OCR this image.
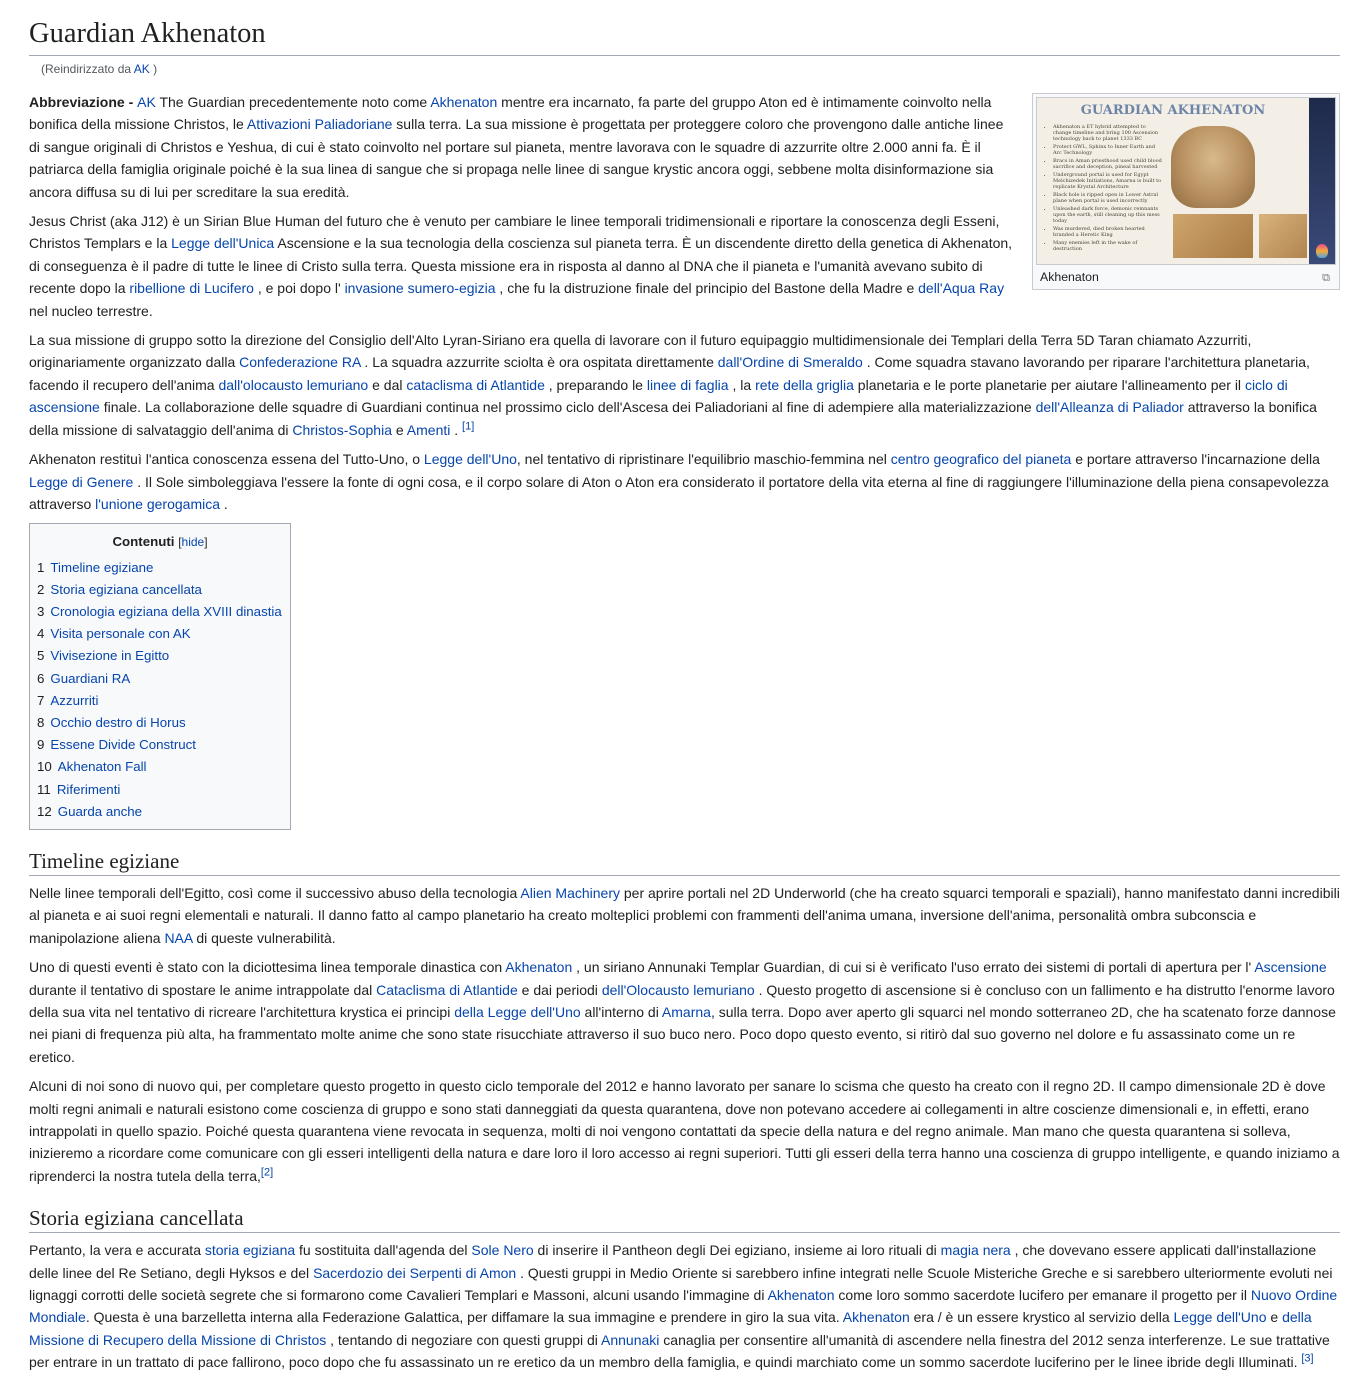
Guardian Akhenaton
(Reindirizzato da AK )
GUARDIAN AKHENATON
• Akhenaton a ET hybrid attempted to change timeline and bring 100 Ascension technology back to planet 1333 BC
• Protect GWL, Sphinx to Inner Earth and Arc Technology
• Bracs in Aman priesthood used child blood sacrifice and deception, pineal harvested
• Underground portal is used for Egypt Melchizedek Initiations, Amarna is built to replicate Krystal Architecture
• Black hole is ripped open in Lower Astral plane when portal is used incorrectly
• Unleashed dark force, demonic remnants upon the earth, still cleaning up this mess today
• Was murdered, died broken hearted branded a Heretic King
• Many enemies left in the wake of destruction
Akhenaton	⧉

Abbreviazione - AK The Guardian precedentemente noto come Akhenaton mentre era incarnato, fa parte del gruppo Aton ed è intimamente coinvolto nella bonifica della missione Christos, le Attivazioni Paliadoriane sulla terra. La sua missione è progettata per proteggere coloro che provengono dalle antiche linee di sangue originali di Christos e Yeshua, di cui è stato coinvolto nel portare sul pianeta, mentre lavorava con le squadre di azzurrite oltre 2.000 anni fa. È il patriarca della famiglia originale poiché è la sua linea di sangue che si propaga nelle linee di sangue krystic ancora oggi, sebbene molta disinformazione sia ancora diffusa su di lui per screditare la sua eredità.

Jesus Christ (aka J12) è un Sirian Blue Human del futuro che è venuto per cambiare le linee temporali tridimensionali e riportare la conoscenza degli Esseni, Christos Templars e la Legge dell'Unica Ascensione e la sua tecnologia della coscienza sul pianeta terra. È un discendente diretto della genetica di Akhenaton, di conseguenza è il padre di tutte le linee di Cristo sulla terra. Questa missione era in risposta al danno al DNA che il pianeta e l'umanità avevano subito di recente dopo la ribellione di Lucifero , e poi dopo l' invasione sumero-egizia , che fu la distruzione finale del principio del Bastone della Madre e dell'Aqua Ray nel nucleo terrestre.

La sua missione di gruppo sotto la direzione del Consiglio dell'Alto Lyran-Siriano era quella di lavorare con il futuro equipaggio multidimensionale dei Templari della Terra 5D Taran chiamato Azzurriti, originariamente organizzato dalla Confederazione RA . La squadra azzurrite sciolta è ora ospitata direttamente dall'Ordine di Smeraldo . Come squadra stavano lavorando per riparare l'architettura planetaria, facendo il recupero dell'anima dall'olocausto lemuriano e dal cataclisma di Atlantide , preparando le linee di faglia , la rete della griglia planetaria e le porte planetarie per aiutare l'allineamento per il ciclo di ascensione finale. La collaborazione delle squadre di Guardiani continua nel prossimo ciclo dell'Ascesa dei Paliadoriani al fine di adempiere alla materializzazione dell'Alleanza di Paliador attraverso la bonifica della missione di salvataggio dell'anima di Christos-Sophia e Amenti . [1]

Akhenaton restituì l'antica conoscenza essena del Tutto-Uno, o Legge dell'Uno, nel tentativo di ripristinare l'equilibrio maschio-femmina nel centro geografico del pianeta e portare attraverso l'incarnazione della Legge di Genere . Il Sole simboleggiava l'essere la fonte di ogni cosa, e il corpo solare di Aton o Aton era considerato il portatore della vita eterna al fine di raggiungere l'illuminazione della piena consapevolezza attraverso l'unione gerogamica .

Contenuti [hide]
1 Timeline egiziane
2 Storia egiziana cancellata
3 Cronologia egiziana della XVIII dinastia
4 Visita personale con AK
5 Vivisezione in Egitto
6 Guardiani RA
7 Azzurriti
8 Occhio destro di Horus
9 Essene Divide Construct
10 Akhenaton Fall
11 Riferimenti
12 Guarda anche
Timeline egiziane

Nelle linee temporali dell'Egitto, così come il successivo abuso della tecnologia Alien Machinery per aprire portali nel 2D Underworld (che ha creato squarci temporali e spaziali), hanno manifestato danni incredibili al pianeta e ai suoi regni elementali e naturali. Il danno fatto al campo planetario ha creato molteplici problemi con frammenti dell'anima umana, inversione dell'anima, personalità ombra subconscia e manipolazione aliena NAA di queste vulnerabilità.

Uno di questi eventi è stato con la diciottesima linea temporale dinastica con Akhenaton , un siriano Annunaki Templar Guardian, di cui si è verificato l'uso errato dei sistemi di portali di apertura per l' Ascensione durante il tentativo di spostare le anime intrappolate dal Cataclisma di Atlantide e dai periodi dell'Olocausto lemuriano . Questo progetto di ascensione si è concluso con un fallimento e ha distrutto l'enorme lavoro della sua vita nel tentativo di ricreare l'architettura krystica ei principi della Legge dell'Uno all'interno di Amarna, sulla terra. Dopo aver aperto gli squarci nel mondo sotterraneo 2D, che ha scatenato forze dannose nei piani di frequenza più alta, ha frammentato molte anime che sono state risucchiate attraverso il suo buco nero. Poco dopo questo evento, si ritirò dal suo governo nel dolore e fu assassinato come un re eretico.

Alcuni di noi sono di nuovo qui, per completare questo progetto in questo ciclo temporale del 2012 e hanno lavorato per sanare lo scisma che questo ha creato con il regno 2D. Il campo dimensionale 2D è dove molti regni animali e naturali esistono come coscienza di gruppo e sono stati danneggiati da questa quarantena, dove non potevano accedere ai collegamenti in altre coscienze dimensionali e, in effetti, erano intrappolati in quello spazio. Poiché questa quarantena viene revocata in sequenza, molti di noi vengono contattati da specie della natura e del regno animale. Man mano che questa quarantena si solleva, inizieremo a ricordare come comunicare con gli esseri intelligenti della natura e dare loro il loro accesso ai regni superiori. Tutti gli esseri della terra hanno una coscienza di gruppo intelligente, e quando iniziamo a riprenderci la nostra tutela della terra,[2]

Storia egiziana cancellata

Pertanto, la vera e accurata storia egiziana fu sostituita dall'agenda del Sole Nero di inserire il Pantheon degli Dei egiziano, insieme ai loro rituali di magia nera , che dovevano essere applicati dall'installazione delle linee del Re Setiano, degli Hyksos e del Sacerdozio dei Serpenti di Amon . Questi gruppi in Medio Oriente si sarebbero infine integrati nelle Scuole Misteriche Greche e si sarebbero ulteriormente evoluti nei lignaggi corrotti delle società segrete che si formarono come Cavalieri Templari e Massoni, alcuni usando l'immagine di Akhenaton come loro sommo sacerdote lucifero per emanare il progetto per il Nuovo Ordine Mondiale. Questa è una barzelletta interna alla Federazione Galattica, per diffamare la sua immagine e prendere in giro la sua vita. Akhenaton era / è un essere krystico al servizio della Legge dell'Uno e della Missione di Recupero della Missione di Christos , tentando di negoziare con questi gruppi di Annunaki canaglia per consentire all'umanità di ascendere nella finestra del 2012 senza interferenze. Le sue trattative per entrare in un trattato di pace fallirono, poco dopo che fu assassinato un re eretico da un membro della famiglia, e quindi marchiato come un sommo sacerdote luciferino per le linee ibride degli Illuminati. [3]
